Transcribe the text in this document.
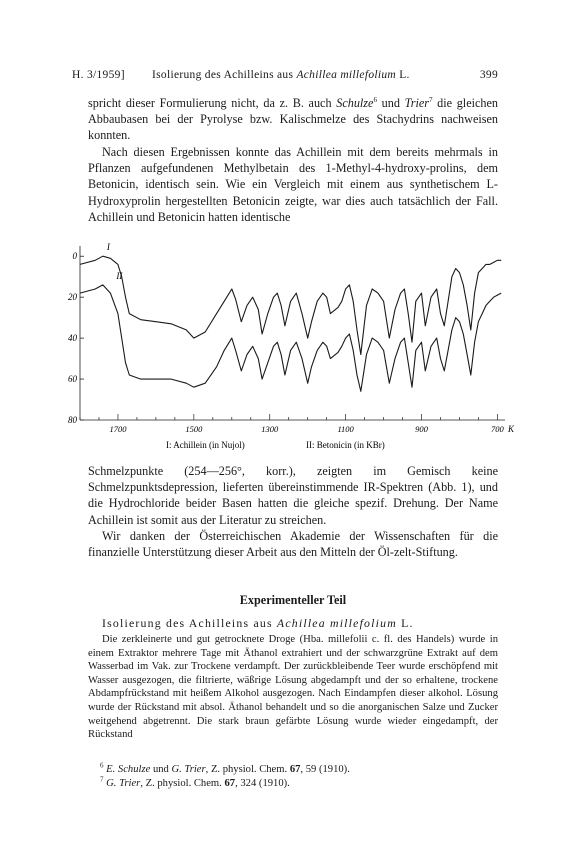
H. 3/1959] Isolierung des Achilleins aus Achillea millefolium L.	399
spricht dieser Formulierung nicht, da z. B. auch Schulze$^6$ und Trier$^7$ die gleichen Abbaubasen bei der Pyrolyse bzw. Kalischmelze des Stachydrins nachweisen konnten.
Nach diesen Ergebnissen konnte das Achillein mit dem bereits mehrmals in Pflanzen aufgefundenen Methylbetain des 1-Methyl-4-hydroxy-prolins, dem Betonicin, identisch sein. Wie ein Vergleich mit einem aus synthetischem L-Hydroxyprolin hergestellten Betonicin zeigte, war dies auch tatsächlich der Fall. Achillein und Betonicin hatten identische
80
60
40
20
0
1700	1500	1300	1100	900	700
I
II
K
I: Achillein (in Nujol)	II: Betonicin (in KBr)
Schmelzpunkte (254—256°, korr.), zeigten im Gemisch keine Schmelzpunktsdepression, lieferten übereinstimmende IR-Spektren (Abb. 1), und die Hydrochloride beider Basen hatten die gleiche spezif. Drehung. Der Name Achillein ist somit aus der Literatur zu streichen.
Wir danken der Österreichischen Akademie der Wissenschaften für die finanzielle Unterstützung dieser Arbeit aus den Mitteln der Öl-zelt-Stiftung.
Experimenteller Teil
Isolierung des Achilleins aus Achillea millefolium L.
Die zerkleinerte und gut getrocknete Droge (Hba. millefolii c. fl. des Handels) wurde in einem Extraktor mehrere Tage mit Äthanol extrahiert und der schwarzgrüne Extrakt auf dem Wasserbad im Vak. zur Trockene verdampft. Der zurückbleibende Teer wurde erschöpfend mit Wasser ausgezogen, die filtrierte, wäßrige Lösung abgedampft und der so erhaltene, trockene Abdampfrückstand mit heißem Alkohol ausgezogen. Nach Eindampfen dieser alkohol. Lösung wurde der Rückstand mit absol. Äthanol behandelt und so die anorganischen Salze und Zucker weitgehend abgetrennt. Die stark braun gefärbte Lösung wurde wieder eingedampft, der Rückstand
$^6$ E. Schulze und G. Trier, Z. physiol. Chem. 67, 59 (1910).
$^7$ G. Trier, Z. physiol. Chem. 67, 324 (1910).
